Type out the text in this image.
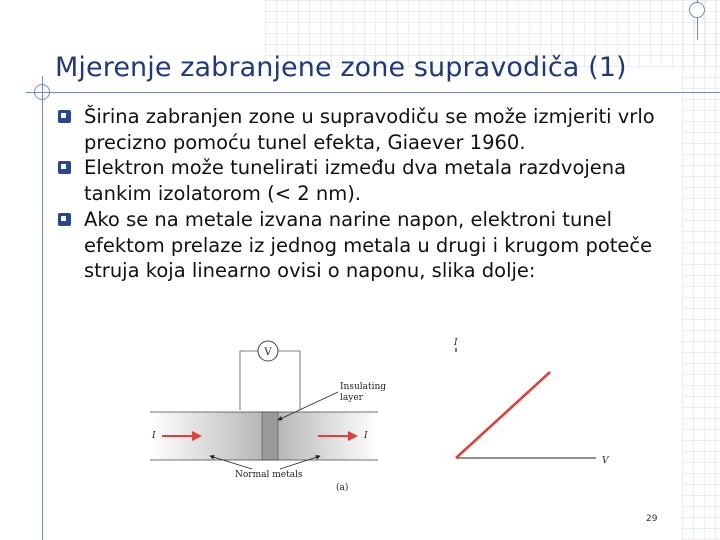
Mjerenje zabranjene zone supravodiča (1)
Širina zabranjen zone u supravodiču se može izmjeriti vrlo precizno pomoću tunel efekta, Giaever 1960.
Elektron može tunelirati između dva metala razdvojena tankim izolatorom (< 2 nm).
Ako se na metale izvana narine napon, elektroni tunel efektom prelaze iz jednog metala u drugi i krugom poteče struja koja linearno ovisi o naponu, slika dolje:
V
Insulating
layer
I	I
Normal metals
(a)
I
V
29
